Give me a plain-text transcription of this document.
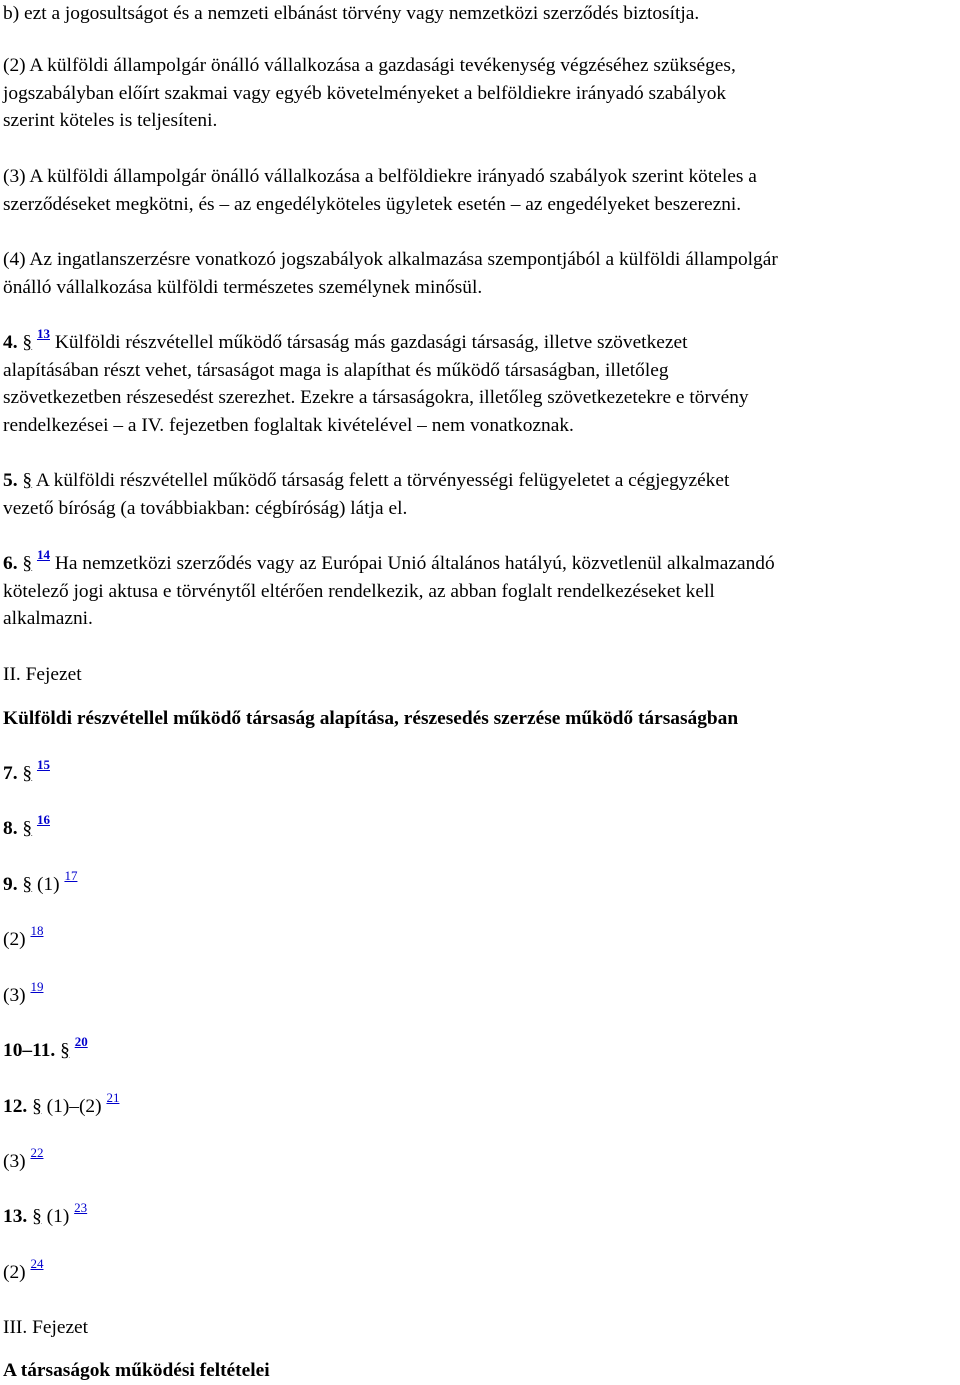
b) ezt a jogosultságot és a nemzeti elbánást törvény vagy nemzetközi szerződés biztosítja.
(2) A külföldi állampolgár önálló vállalkozása a gazdasági tevékenység végzéséhez szükséges,
jogszabályban előírt szakmai vagy egyéb követelményeket a belföldiekre irányadó szabályok
szerint köteles is teljesíteni.
(3) A külföldi állampolgár önálló vállalkozása a belföldiekre irányadó szabályok szerint köteles a
szerződéseket megkötni, és – az engedélyköteles ügyletek esetén – az engedélyeket beszerezni.
(4) Az ingatlanszerzésre vonatkozó jogszabályok alkalmazása szempontjából a külföldi állampolgár
önálló vállalkozása külföldi természetes személynek minősül.
4. § $^{13}$ Külföldi részvétellel működő társaság más gazdasági társaság, illetve szövetkezet
alapításában részt vehet, társaságot maga is alapíthat és működő társaságban, illetőleg
szövetkezetben részesedést szerezhet. Ezekre a társaságokra, illetőleg szövetkezetekre e törvény
rendelkezései – a IV. fejezetben foglaltak kivételével – nem vonatkoznak.
5. § A külföldi részvétellel működő társaság felett a törvényességi felügyeletet a cégjegyzéket
vezető bíróság (a továbbiakban: cégbíróság) látja el.
6. § $^{14}$ Ha nemzetközi szerződés vagy az Európai Unió általános hatályú, közvetlenül alkalmazandó
kötelező jogi aktusa e törvénytől eltérően rendelkezik, az abban foglalt rendelkezéseket kell
alkalmazni.
II. Fejezet
Külföldi részvétellel működő társaság alapítása, részesedés szerzése működő társaságban
7. § $^{15}$
8. § $^{16}$
9. § (1) $^{17}$
(2) $^{18}$
(3) $^{19}$
10–11. § $^{20}$
12. § (1)–(2) $^{21}$
(3) $^{22}$
13. § (1) $^{23}$
(2) $^{24}$
III. Fejezet
A társaságok működési feltételei
